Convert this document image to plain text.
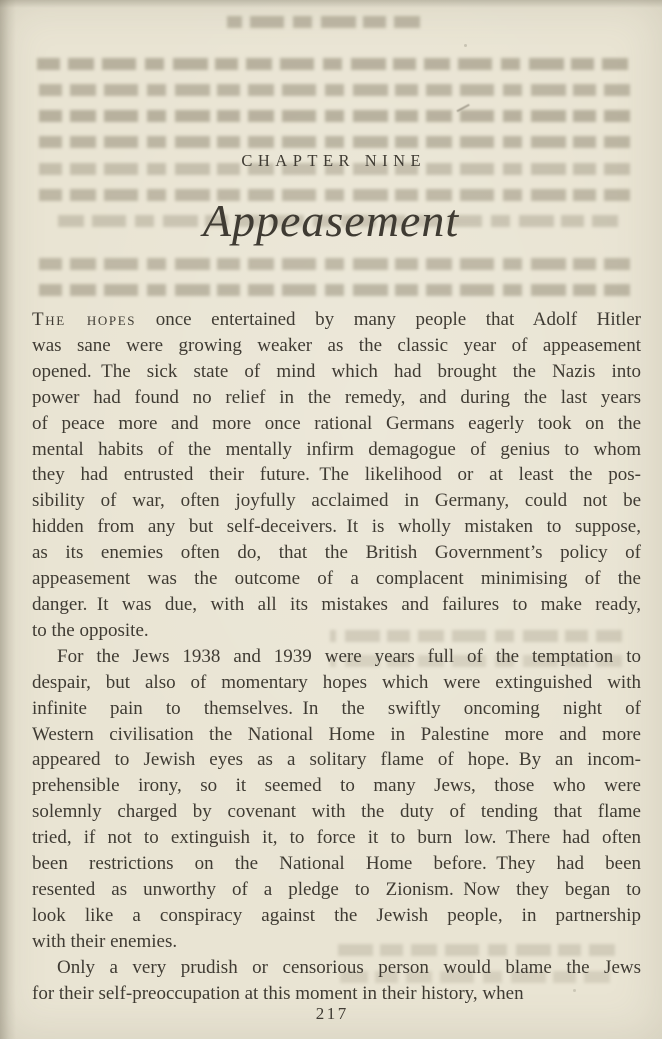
CHAPTER NINE
Appeasement
The hopes once entertained by many people that Adolf Hitler
was sane were growing weaker as the classic year of appeasement
opened. The sick state of mind which had brought the Nazis into
power had found no relief in the remedy, and during the last years
of peace more and more once rational Germans eagerly took on the
mental habits of the mentally infirm demagogue of genius to whom
they had entrusted their future. The likelihood or at least the pos-
sibility of war, often joyfully acclaimed in Germany, could not be
hidden from any but self-deceivers. It is wholly mistaken to suppose,
as its enemies often do, that the British Government’s policy of
appeasement was the outcome of a complacent minimising of the
danger. It was due, with all its mistakes and failures to make ready,
to the opposite.
For the Jews 1938 and 1939 were years full of the temptation to
despair, but also of momentary hopes which were extinguished with
infinite pain to themselves. In the swiftly oncoming night of
Western civilisation the National Home in Palestine more and more
appeared to Jewish eyes as a solitary flame of hope. By an incom-
prehensible irony, so it seemed to many Jews, those who were
solemnly charged by covenant with the duty of tending that flame
tried, if not to extinguish it, to force it to burn low. There had often
been restrictions on the National Home before. They had been
resented as unworthy of a pledge to Zionism. Now they began to
look like a conspiracy against the Jewish people, in partnership
with their enemies.
Only a very prudish or censorious person would blame the Jews
for their self-preoccupation at this moment in their history, when
217
